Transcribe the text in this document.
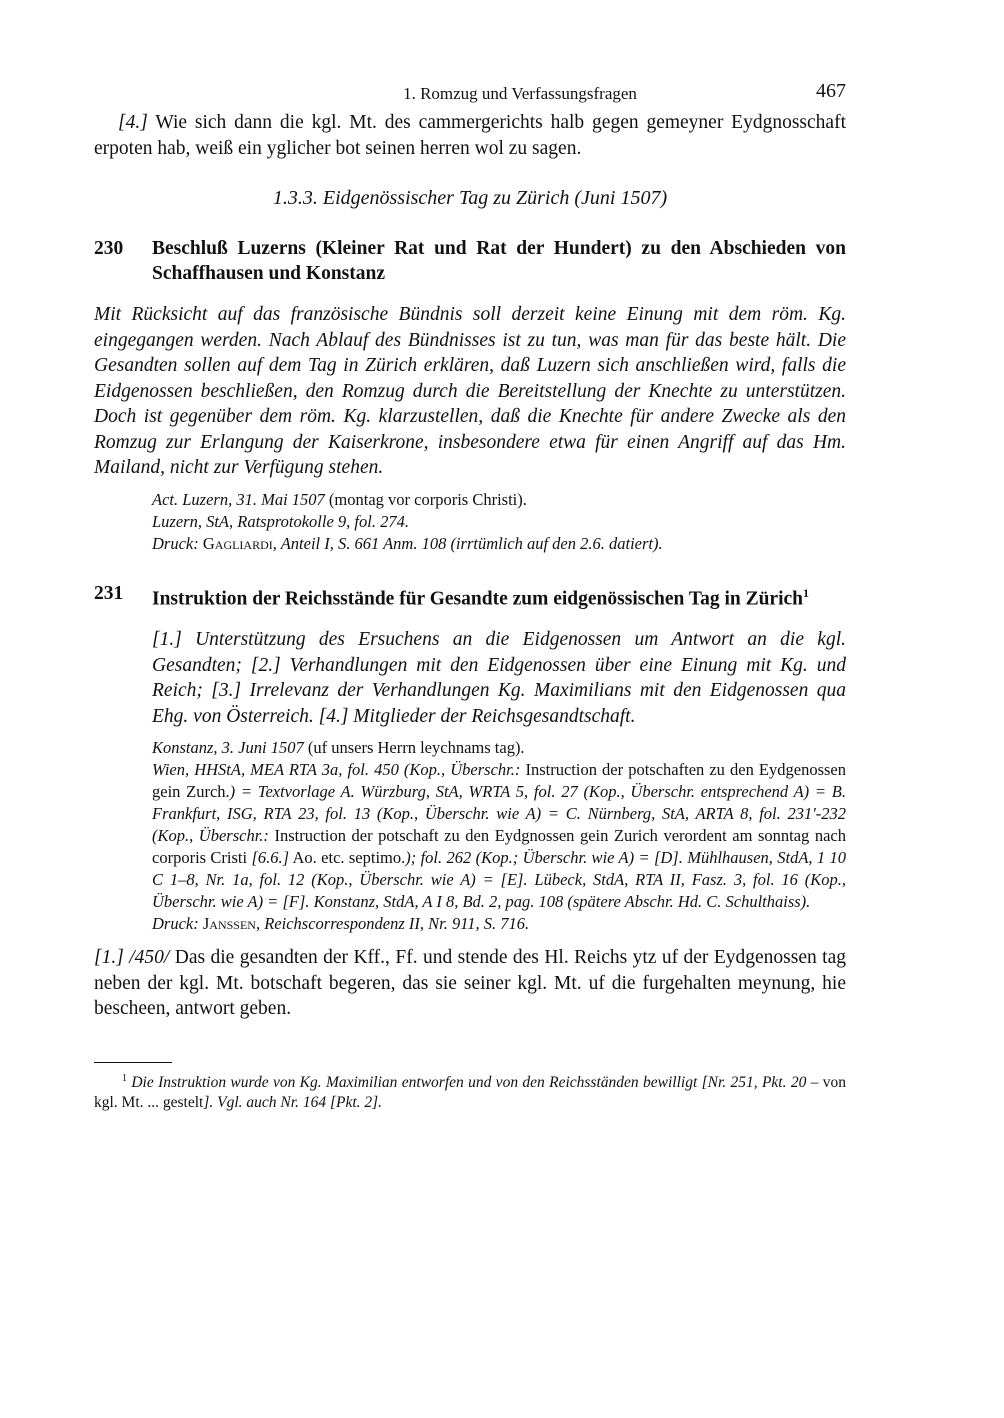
1. Romzug und Verfassungsfragen	467

[4.] Wie sich dann die kgl. Mt. des cammergerichts halb gegen gemeyner Eydgnosschaft erpoten hab, weiß ein yglicher bot seinen herren wol zu sagen.

1.3.3. Eidgenössischer Tag zu Zürich (Juni 1507)
230	Beschluß Luzerns (Kleiner Rat und Rat der Hundert) zu den Abschieden von Schaffhausen und Konstanz
Mit Rücksicht auf das französische Bündnis soll derzeit keine Einung mit dem röm. Kg. eingegangen werden. Nach Ablauf des Bündnisses ist zu tun, was man für das beste hält. Die Gesandten sollen auf dem Tag in Zürich erklären, daß Luzern sich anschließen wird, falls die Eidgenossen beschließen, den Romzug durch die Bereitstellung der Knechte zu unterstützen. Doch ist gegenüber dem röm. Kg. klarzustellen, daß die Knechte für andere Zwecke als den Romzug zur Erlangung der Kaiserkrone, insbesondere etwa für einen Angriff auf das Hm. Mailand, nicht zur Verfügung stehen.
Act. Luzern, 31. Mai 1507 (montag vor corporis Christi).
Luzern, StA, Ratsprotokolle 9, fol. 274.
Druck: Gagliardi, Anteil I, S. 661 Anm. 108 (irrtümlich auf den 2.6. datiert).
231	Instruktion der Reichsstände für Gesandte zum eidgenössischen Tag in Zürich$^1$
[1.] Unterstützung des Ersuchens an die Eidgenossen um Antwort an die kgl. Gesandten; [2.] Verhandlungen mit den Eidgenossen über eine Einung mit Kg. und Reich; [3.] Irrelevanz der Verhandlungen Kg. Maximilians mit den Eidgenossen qua Ehg. von Österreich. [4.] Mitglieder der Reichsgesandtschaft.
Konstanz, 3. Juni 1507 (uf unsers Herrn leychnams tag).
Wien, HHStA, MEA RTA 3a, fol. 450 (Kop., Überschr.: Instruction der potschaften zu den Eydgenossen gein Zurch.) = Textvorlage A. Würzburg, StA, WRTA 5, fol. 27 (Kop., Überschr. entsprechend A) = B. Frankfurt, ISG, RTA 23, fol. 13 (Kop., Überschr. wie A) = C. Nürnberg, StA, ARTA 8, fol. 231'-232 (Kop., Überschr.: Instruction der potschaft zu den Eydgnossen gein Zurich verordent am sonntag nach corporis Cristi [6.6.] Ao. etc. septimo.); fol. 262 (Kop.; Überschr. wie A) = [D]. Mühlhausen, StdA, 1 10 C 1–8, Nr. 1a, fol. 12 (Kop., Überschr. wie A) = [E]. Lübeck, StdA, RTA II, Fasz. 3, fol. 16 (Kop., Überschr. wie A) = [F]. Konstanz, StdA, A I 8, Bd. 2, pag. 108 (spätere Abschr. Hd. C. Schulthaiss).
Druck: Janssen, Reichscorrespondenz II, Nr. 911, S. 716.

[1.] /450/ Das die gesandten der Kff., Ff. und stende des Hl. Reichs ytz uf der Eydgenossen tag neben der kgl. Mt. botschaft begeren, das sie seiner kgl. Mt. uf die furgehalten meynung, hie bescheen, antwort geben.

$^1$ Die Instruktion wurde von Kg. Maximilian entworfen und von den Reichsständen bewilligt [Nr. 251, Pkt. 20 – von kgl. Mt. ... gestelt]. Vgl. auch Nr. 164 [Pkt. 2].
